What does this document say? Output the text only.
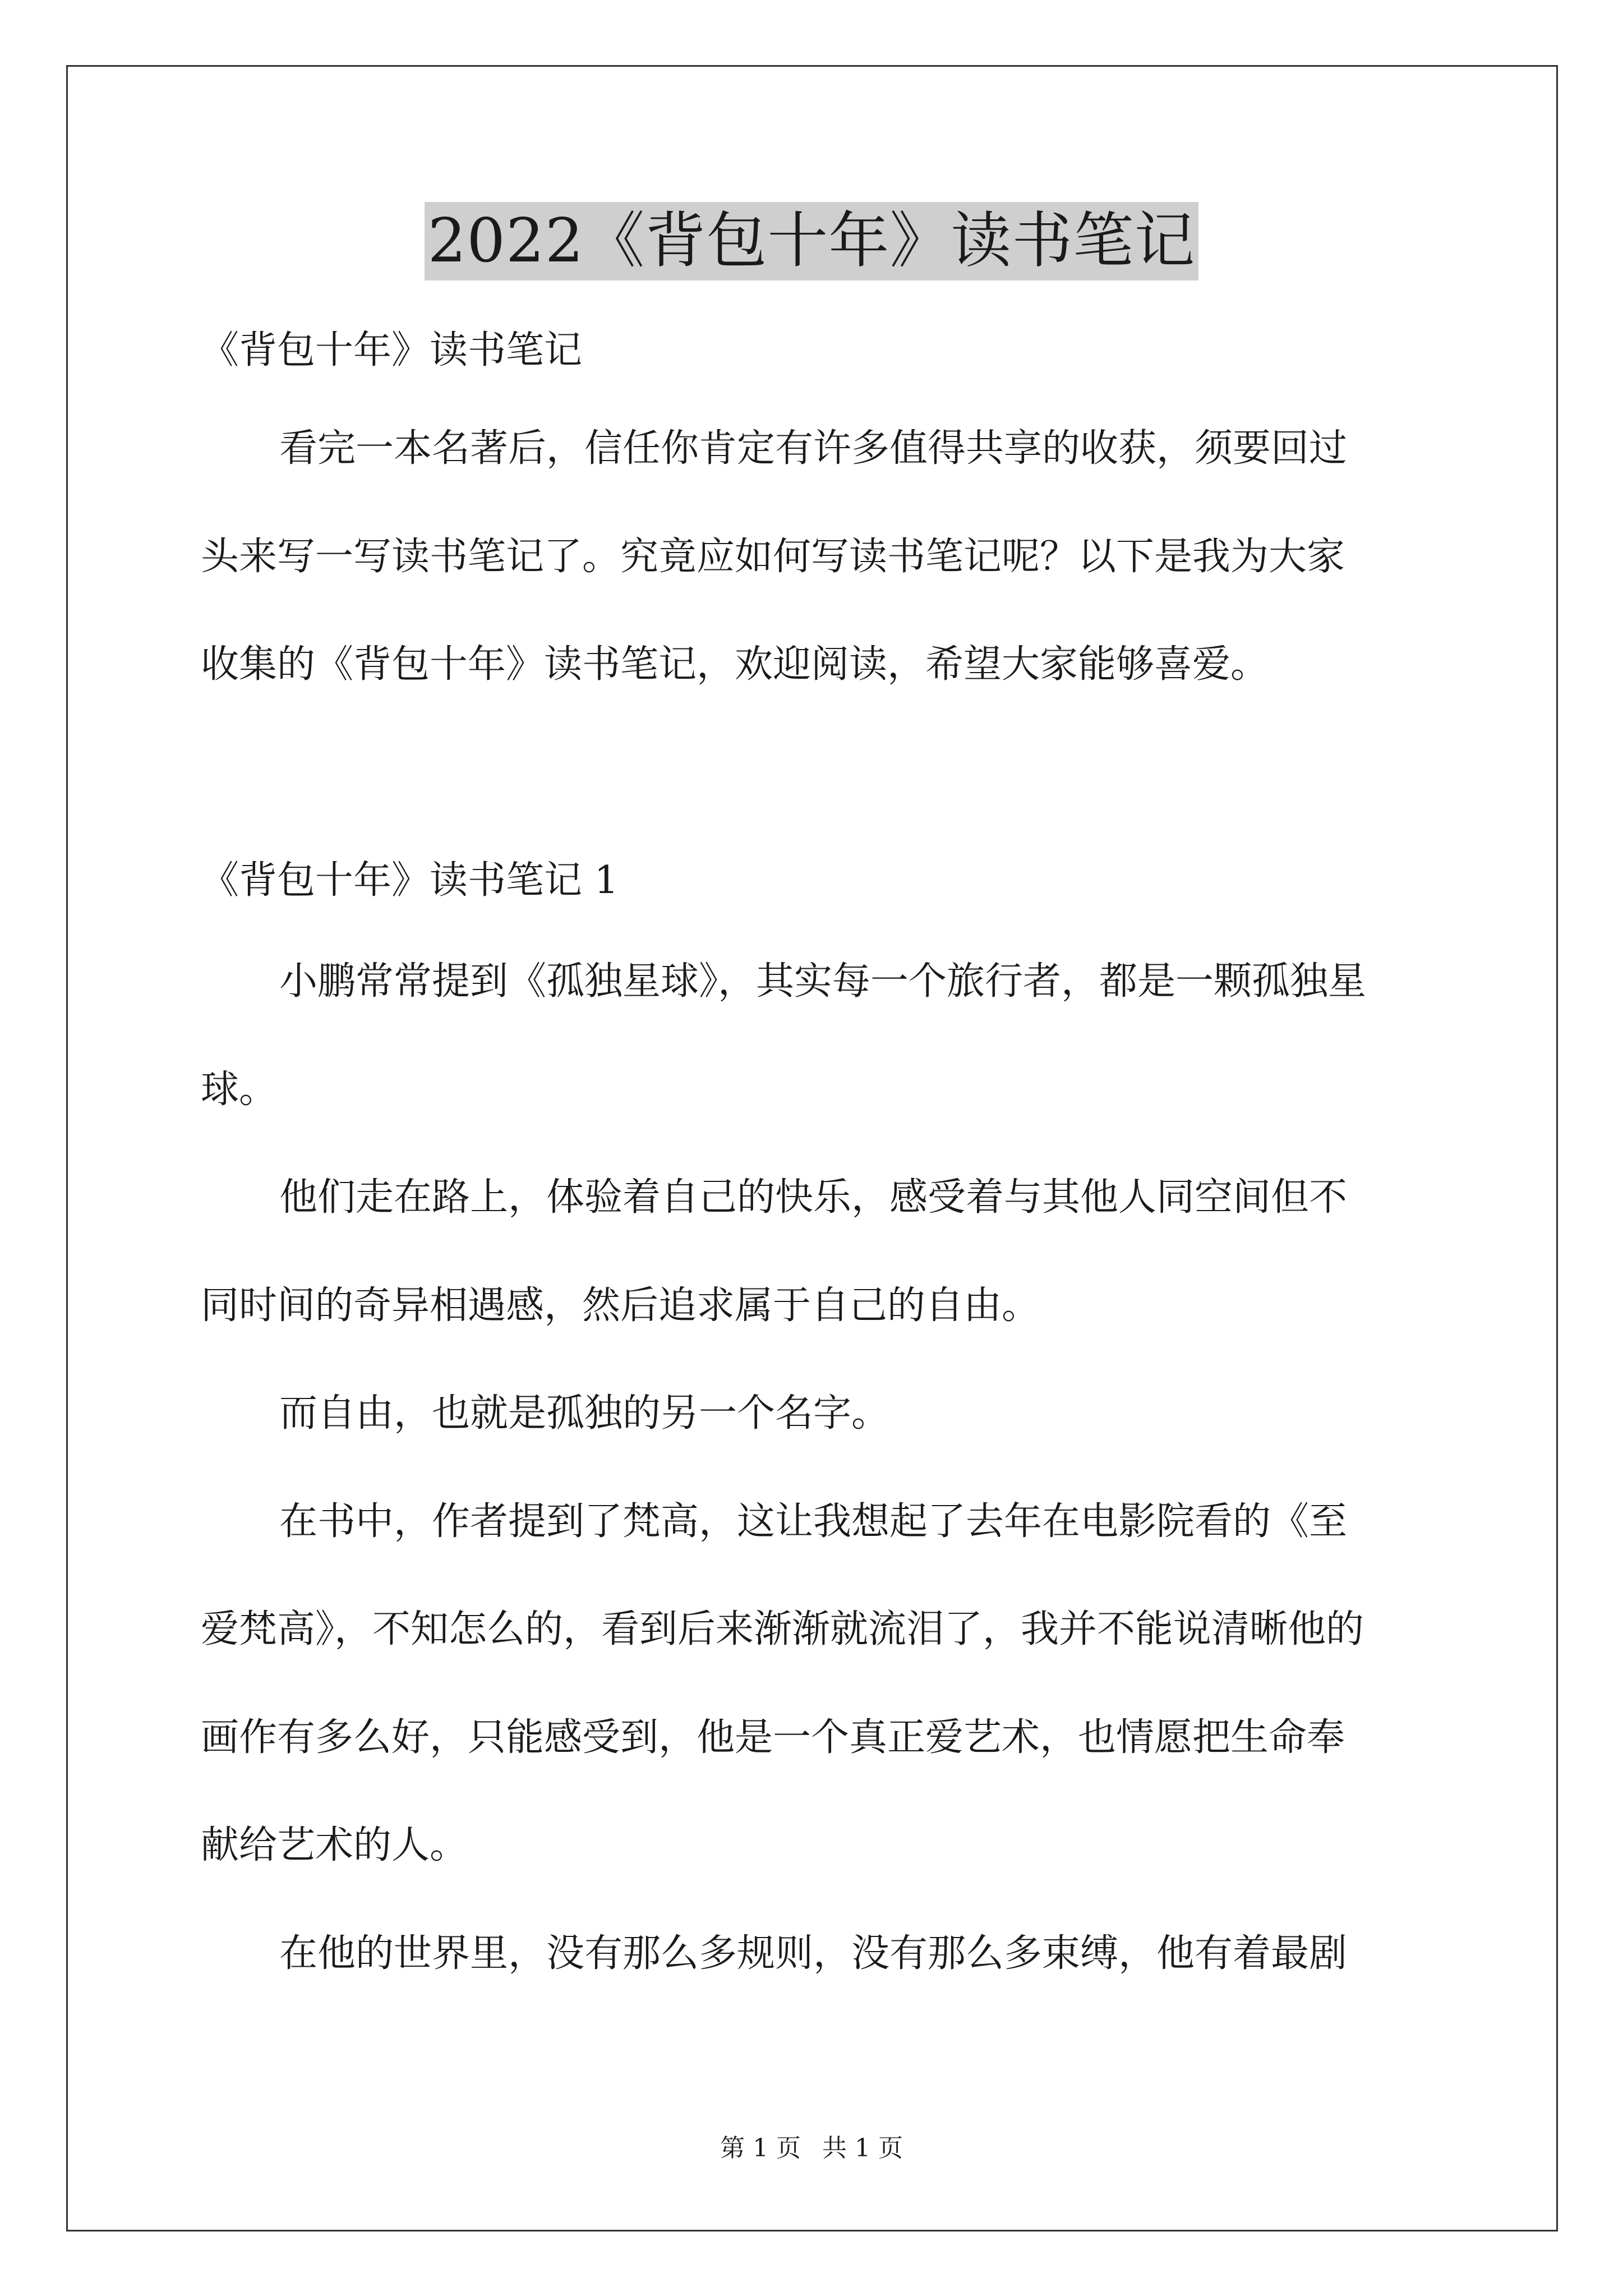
2022《背包十年》读书笔记
《背包十年》读书笔记
看完一本名著后，信任你肯定有许多值得共享的收获，须要回过
头来写一写读书笔记了。究竟应如何写读书笔记呢？以下是我为大家
收集的《背包十年》读书笔记，欢迎阅读，希望大家能够喜爱。
《背包十年》读书笔记 1
小鹏常常提到《孤独星球》，其实每一个旅行者，都是一颗孤独星
球。
他们走在路上，体验着自己的快乐，感受着与其他人同空间但不
同时间的奇异相遇感，然后追求属于自己的自由。
而自由，也就是孤独的另一个名字。
在书中，作者提到了梵高，这让我想起了去年在电影院看的《至
爱梵高》，不知怎么的，看到后来渐渐就流泪了，我并不能说清晰他的
画作有多么好，只能感受到，他是一个真正爱艺术，也情愿把生命奉
献给艺术的人。
在他的世界里，没有那么多规则，没有那么多束缚，他有着最剧
第 1 页 共 1 页
